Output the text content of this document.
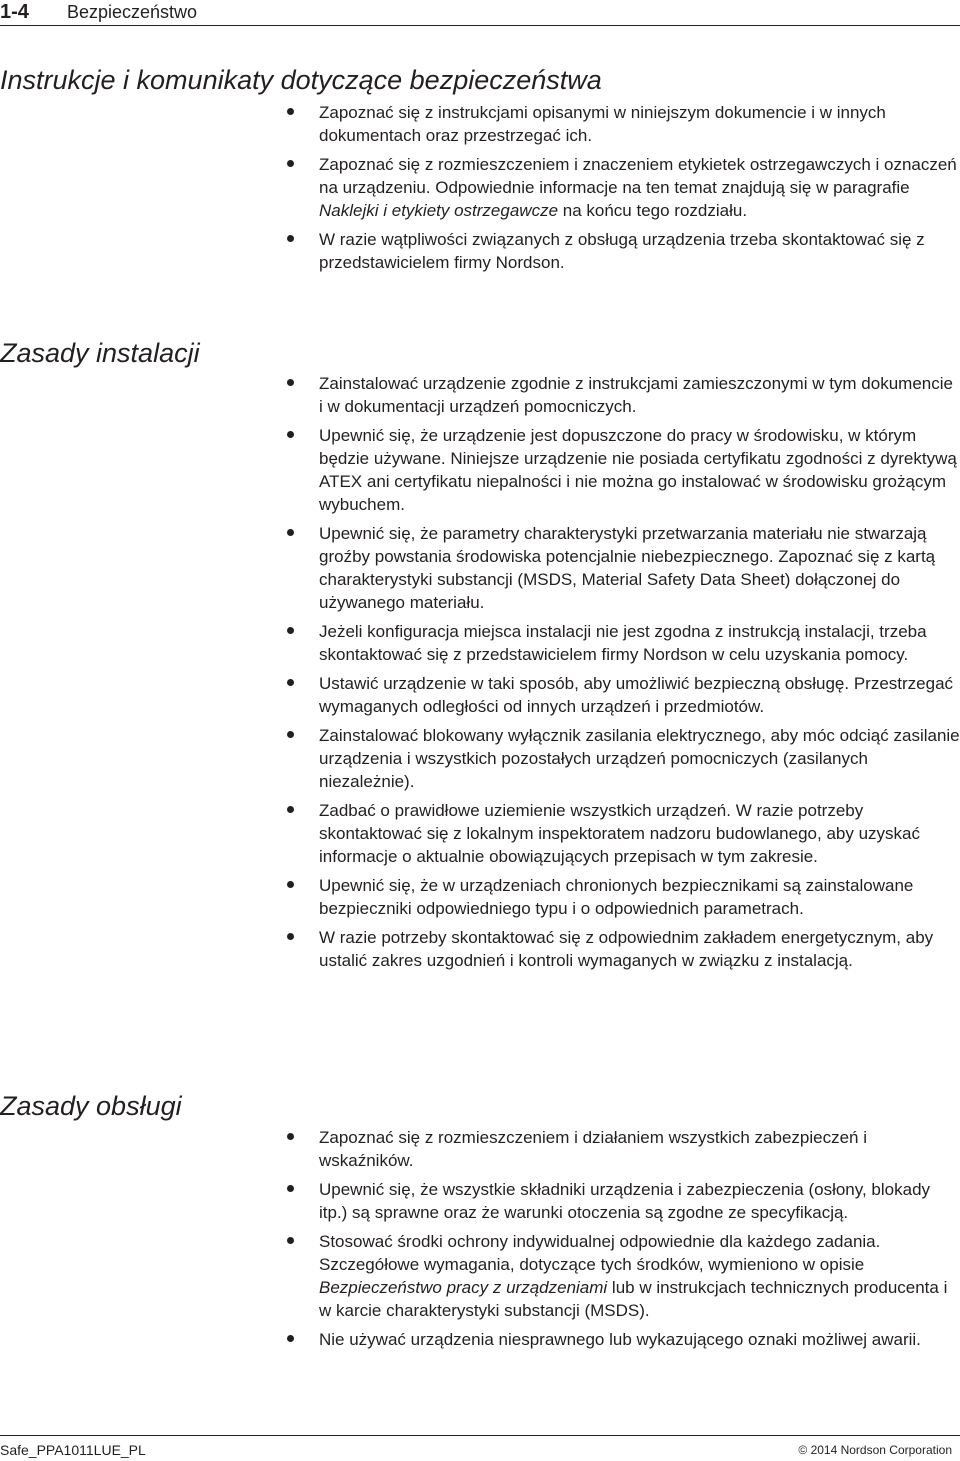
1-4 Bezpieczeństwo
Instrukcje i komunikaty dotyczące bezpieczeństwa
Zapoznać się z instrukcjami opisanymi w niniejszym dokumencie i w innych dokumentach oraz przestrzegać ich.
Zapoznać się z rozmieszczeniem i znaczeniem etykietek ostrzegawczych i oznaczeń na urządzeniu. Odpowiednie informacje na ten temat znajdują się w paragrafie Naklejki i etykiety ostrzegawcze na końcu tego rozdziału.
W razie wątpliwości związanych z obsługą urządzenia trzeba skontaktować się z przedstawicielem firmy Nordson.
Zasady instalacji
Zainstalować urządzenie zgodnie z instrukcjami zamieszczonymi w tym dokumencie i w dokumentacji urządzeń pomocniczych.
Upewnić się, że urządzenie jest dopuszczone do pracy w środowisku, w którym będzie używane. Niniejsze urządzenie nie posiada certyfikatu zgodności z dyrektywą ATEX ani certyfikatu niepalności i nie można go instalować w środowisku grożącym wybuchem.
Upewnić się, że parametry charakterystyki przetwarzania materiału nie stwarzają groźby powstania środowiska potencjalnie niebezpiecznego. Zapoznać się z kartą charakterystyki substancji (MSDS, Material Safety Data Sheet) dołączonej do używanego materiału.
Jeżeli konfiguracja miejsca instalacji nie jest zgodna z instrukcją instalacji, trzeba skontaktować się z przedstawicielem firmy Nordson w celu uzyskania pomocy.
Ustawić urządzenie w taki sposób, aby umożliwić bezpieczną obsługę. Przestrzegać wymaganych odległości od innych urządzeń i przedmiotów.
Zainstalować blokowany wyłącznik zasilania elektrycznego, aby móc odciąć zasilanie urządzenia i wszystkich pozostałych urządzeń pomocniczych (zasilanych niezależnie).
Zadbać o prawidłowe uziemienie wszystkich urządzeń. W razie potrzeby skontaktować się z lokalnym inspektoratem nadzoru budowlanego, aby uzyskać informacje o aktualnie obowiązujących przepisach w tym zakresie.
Upewnić się, że w urządzeniach chronionych bezpiecznikami są zainstalowane bezpieczniki odpowiedniego typu i o odpowiednich parametrach.
W razie potrzeby skontaktować się z odpowiednim zakładem energetycznym, aby ustalić zakres uzgodnień i kontroli wymaganych w związku z instalacją.
Zasady obsługi
Zapoznać się z rozmieszczeniem i działaniem wszystkich zabezpieczeń i wskaźników.
Upewnić się, że wszystkie składniki urządzenia i zabezpieczenia (osłony, blokady itp.) są sprawne oraz że warunki otoczenia są zgodne ze specyfikacją.
Stosować środki ochrony indywidualnej odpowiednie dla każdego zadania. Szczegółowe wymagania, dotyczące tych środków, wymieniono w opisie Bezpieczeństwo pracy z urządzeniami lub w instrukcjach technicznych producenta i w karcie charakterystyki substancji (MSDS).
Nie używać urządzenia niesprawnego lub wykazującego oznaki możliwej awarii.
Safe_PPA1011LUE_PL	© 2014 Nordson Corporation
